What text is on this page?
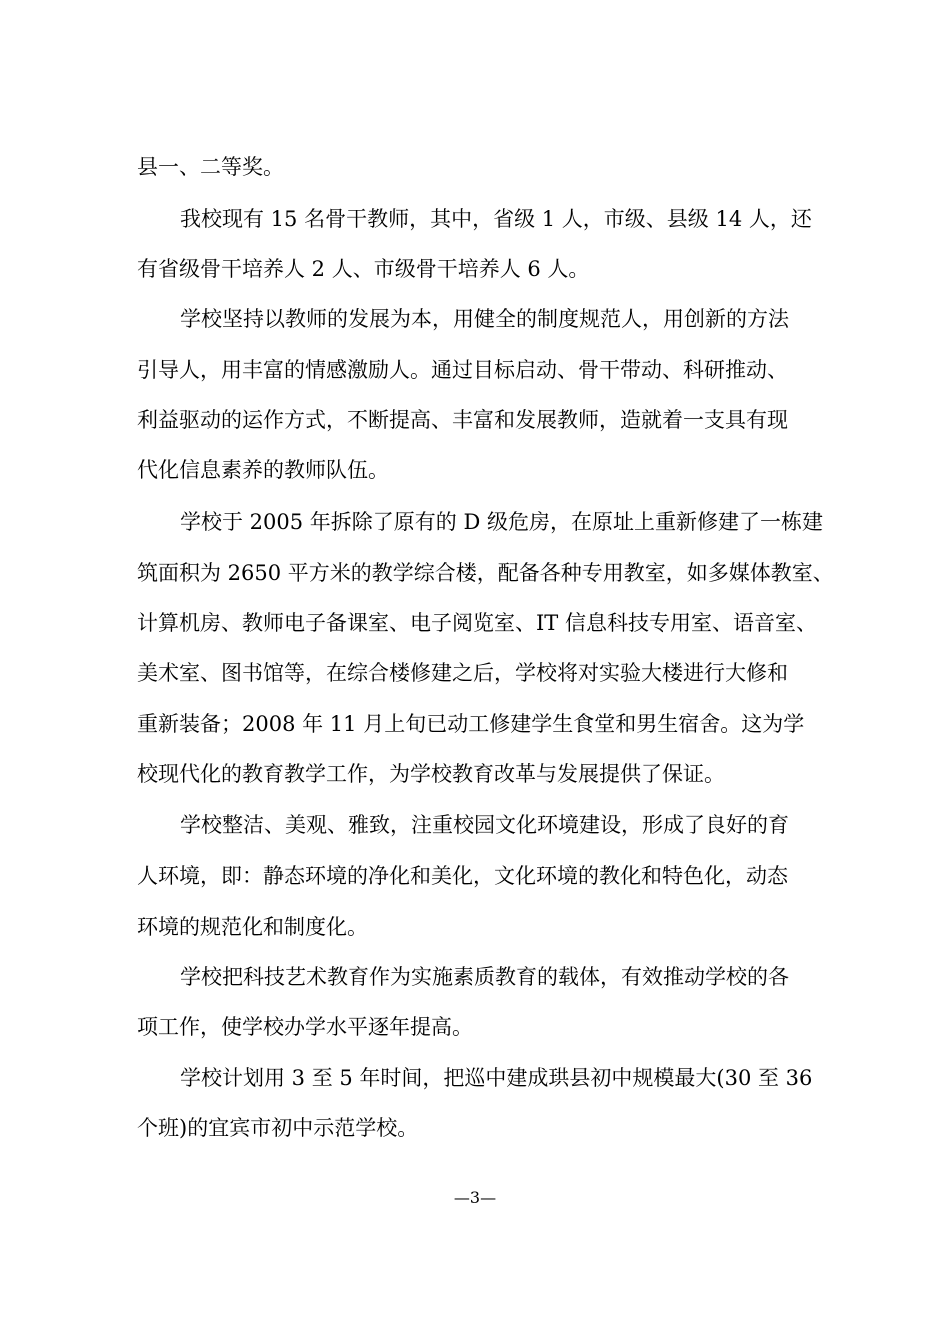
县一、二等奖。
我校现有 15 名骨干教师，其中，省级 1 人，市级、县级 14 人，还
有省级骨干培养人 2 人、市级骨干培养人 6 人。
学校坚持以教师的发展为本，用健全的制度规范人，用创新的方法
引导人，用丰富的情感激励人。通过目标启动、骨干带动、科研推动、
利益驱动的运作方式，不断提高、丰富和发展教师，造就着一支具有现
代化信息素养的教师队伍。
学校于 2005 年拆除了原有的 D 级危房，在原址上重新修建了一栋建
筑面积为 2650 平方米的教学综合楼，配备各种专用教室，如多媒体教室、
计算机房、教师电子备课室、电子阅览室、IT 信息科技专用室、语音室、
美术室、图书馆等，在综合楼修建之后，学校将对实验大楼进行大修和
重新装备；2008 年 11 月上旬已动工修建学生食堂和男生宿舍。这为学
校现代化的教育教学工作，为学校教育改革与发展提供了保证。
学校整洁、美观、雅致，注重校园文化环境建设，形成了良好的育
人环境，即：静态环境的净化和美化，文化环境的教化和特色化，动态
环境的规范化和制度化。
学校把科技艺术教育作为实施素质教育的载体，有效推动学校的各
项工作，使学校办学水平逐年提高。
学校计划用 3 至 5 年时间，把巡中建成珙县初中规模最大(30 至 36
个班)的宜宾市初中示范学校。
—3—
